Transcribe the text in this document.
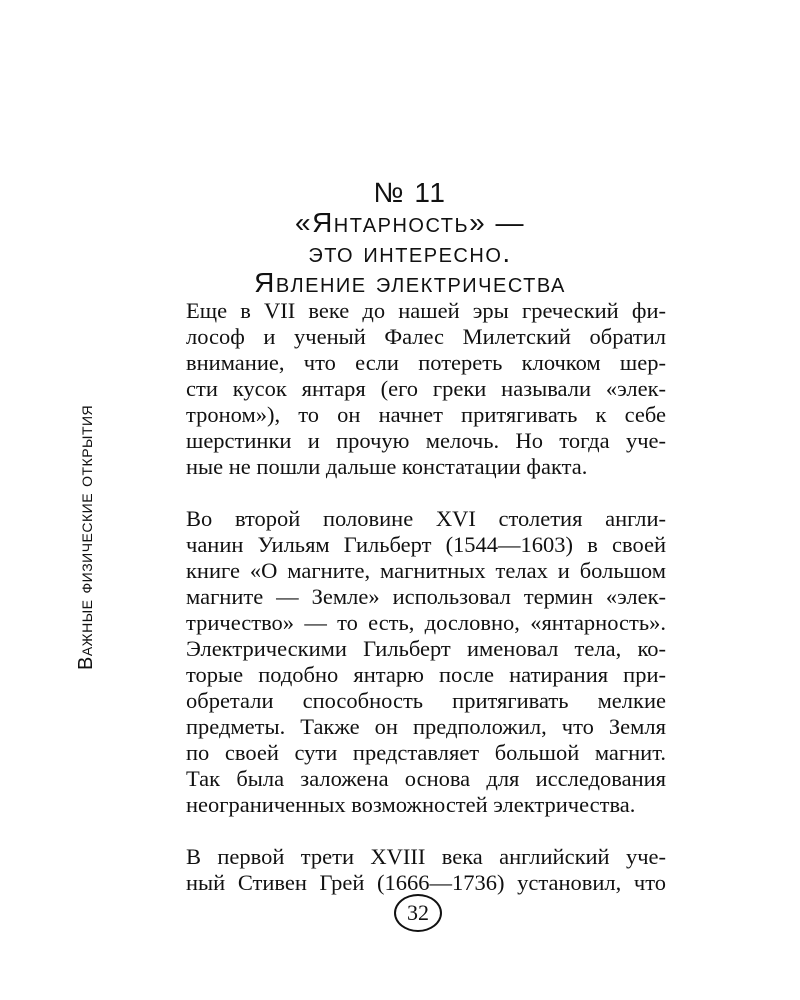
Важные физические открытия
№ 11
«Янтарность» —
это интересно.
Явление электричества
Еще в VII веке до нашей эры греческий фи-
лософ и ученый Фалес Милетский обратил
внимание, что если потереть клочком шер-
сти кусок янтаря (его греки называли «элек-
троном»), то он начнет притягивать к себе
шерстинки и прочую мелочь. Но тогда уче-
ные не пошли дальше констатации факта.
Во второй половине XVI столетия англи-
чанин Уильям Гильберт (1544—1603) в своей
книге «О магните, магнитных телах и большом
магните — Земле» использовал термин «элек-
тричество» — то есть, дословно, «янтарность».
Электрическими Гильберт именовал тела, ко-
торые подобно янтарю после натирания при-
обретали способность притягивать мелкие
предметы. Также он предположил, что Земля
по своей сути представляет большой магнит.
Так была заложена основа для исследования
неограниченных возможностей электричества.
В первой трети XVIII века английский уче-
ный Стивен Грей (1666—1736) установил, что
32
